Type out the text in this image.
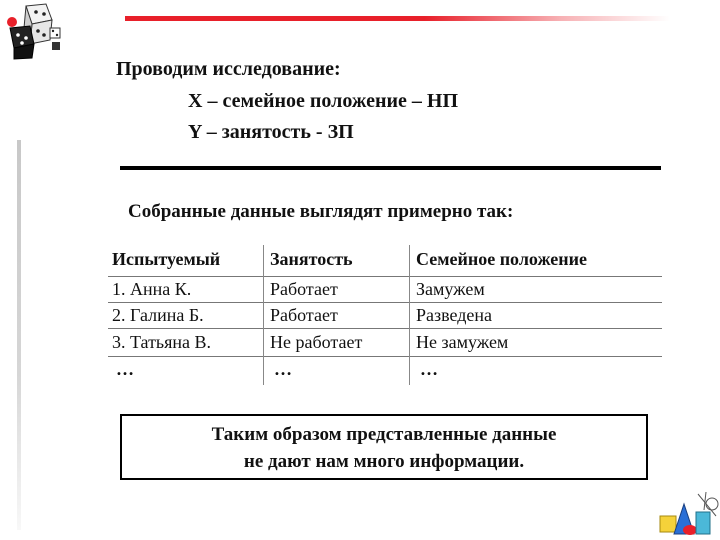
Проводим исследование:
Х – семейное положение – НП
Y – занятость - ЗП
Собранные данные выглядят примерно так:
Испытуемый	Занятость	Семейное положение
1. Анна К.	Работает	Замужем
2. Галина Б.	Работает	Разведена
3. Татьяна В.	Не работает	Не замужем
…	…	…
Таким образом представленные данные
не дают нам много информации.
